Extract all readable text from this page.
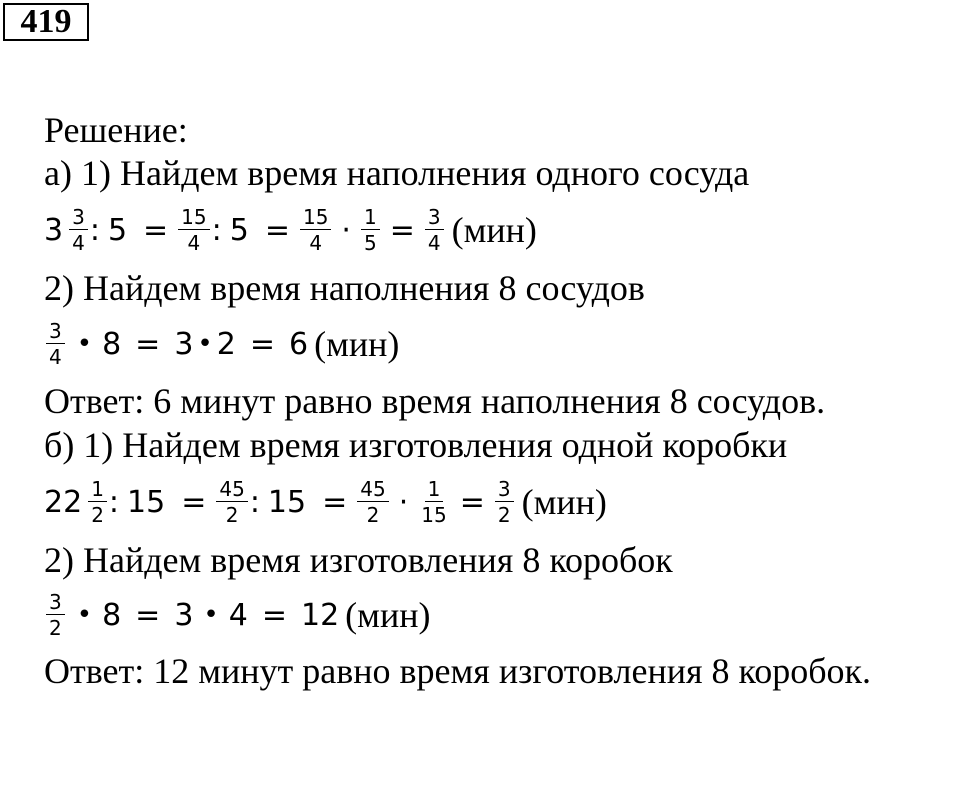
419
Решение:
а) 1) Найдем время наполнения одного сосуда
$3 \frac{3}{4}$ : $5 = \frac{15}{4}$ : $5 = \frac{15}{4} \cdot \frac{1}{5} = \frac{3}{4} (мин)$
2) Найдем время наполнения 8 сосудов
$\frac{3}{4}$ • 8 = 3 • 2 = 6 (мин)
Ответ: 6 минут равно время наполнения 8 сосудов.
б) 1) Найдем время изготовления одной коробки
$22 \frac{1}{2}$ : $15 = \frac{45}{2}$ : $15 = \frac{45}{2} \cdot \frac{1}{15} = \frac{3}{2} (мин)$
2) Найдем время изготовления 8 коробок
$\frac{3}{2}$ • 8 = 3 • 4 = 12 (мин)
Ответ: 12 минут равно время изготовления 8 коробок.
